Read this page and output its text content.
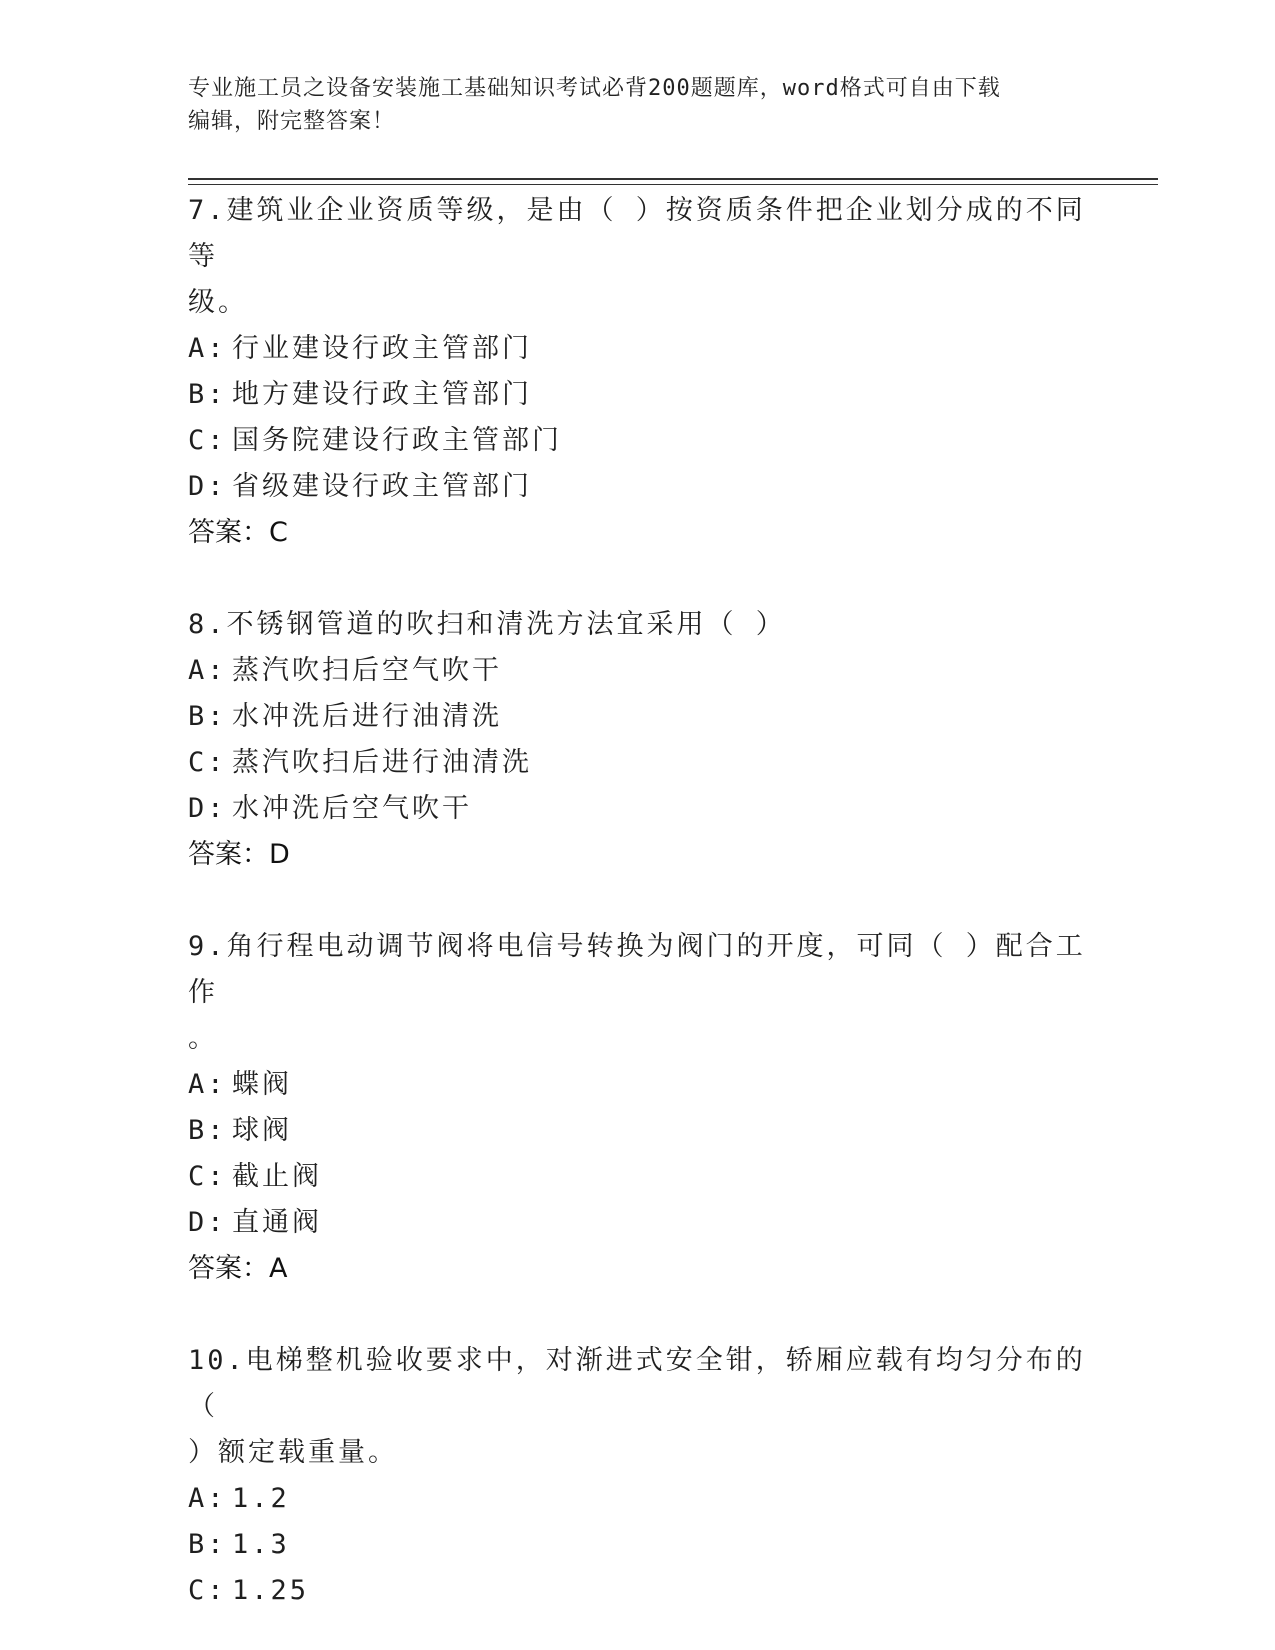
专业施工员之设备安装施工基础知识考试必背200题题库，word格式可自由下载
编辑，附完整答案！
7.建筑业企业资质等级，是由（ ）按资质条件把企业划分成的不同等
级。
A: 行业建设行政主管部门
B: 地方建设行政主管部门
C: 国务院建设行政主管部门
D: 省级建设行政主管部门
答案：C
8.不锈钢管道的吹扫和清洗方法宜采用（ ）
A: 蒸汽吹扫后空气吹干
B: 水冲洗后进行油清洗
C: 蒸汽吹扫后进行油清洗
D: 水冲洗后空气吹干
答案：D
9.角行程电动调节阀将电信号转换为阀门的开度，可同（ ）配合工作
。
A: 蝶阀
B: 球阀
C: 截止阀
D: 直通阀
答案：A
10.电梯整机验收要求中，对渐进式安全钳，轿厢应载有均匀分布的（
）额定载重量。
A: 1.2
B: 1.3
C: 1.25
